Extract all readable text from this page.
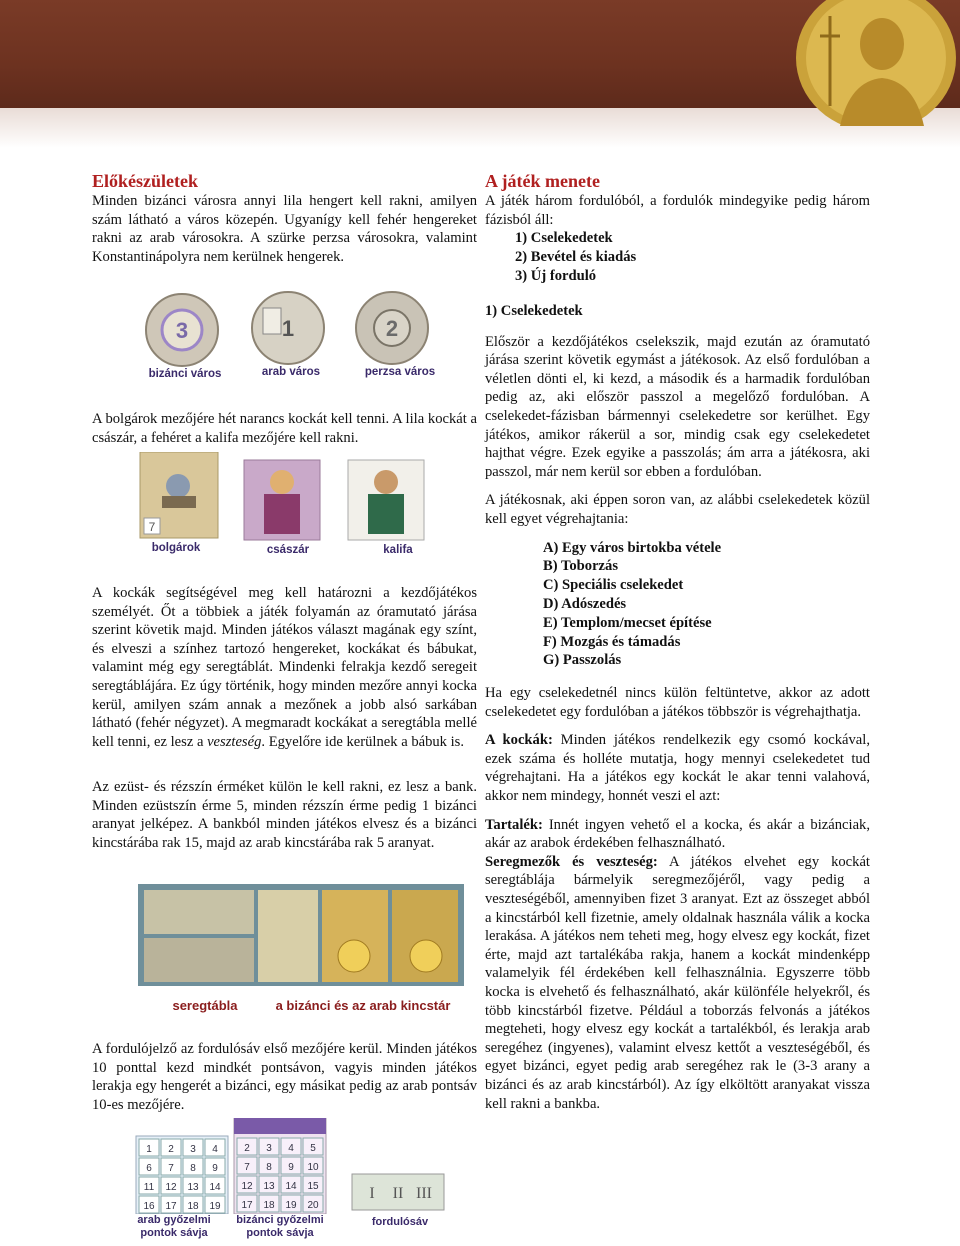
Előkészületek

Minden bizánci városra annyi lila hengert kell rakni, amilyen szám látható a város közepén. Ugyanígy kell fehér hengereket rakni az arab városokra. A szürke perzsa városokra, valamint Konstantinápolyra nem kerülnek hengerek.

3	1	2
bizánci város	arab város	perzsa város

A bolgárok mezőjére hét narancs kockát kell tenni. A lila kockát a császár, a fehéret a kalifa mezőjére kell rakni.

7
bolgárok	császár	kalifa

A kockák segítségével meg kell határozni a kezdőjátékos személyét. Őt a többiek a játék folyamán az óramutató járása szerint követik majd. Minden játékos választ magának egy színt, és elveszi a színhez tartozó hengereket, kockákat és bábukat, valamint még egy seregtáblát. Mindenki felrakja kezdő seregeit seregtáblájára. Ez úgy történik, hogy minden mezőre annyi kocka kerül, amilyen szám annak a mezőnek a jobb alsó sarkában látható (fehér négyzet). A megmaradt kockákat a seregtábla mellé kell tenni, ez lesz a veszteség. Egyelőre ide kerülnek a bábuk is.

Az ezüst- és rézszín érméket külön le kell rakni, ez lesz a bank. Minden ezüstszín érme 5, minden rézszín érme pedig 1 bizánci aranyat jelképez. A bankból minden játékos elvesz és a bizánci kincstárába rak 15, majd az arab kincstárába rak 5 aranyat.

seregtábla	a bizánci és az arab kincstár

A fordulójelző az fordulósáv első mezőjére kerül. Minden játékos 10 ponttal kezd mindkét pontsávon, vagyis minden játékos lerakja egy hengerét a bizánci, egy másikat pedig az arab pontsáv 10-es mezőjére.

1 2 3 4
6 7 8 9
11 12 13 14
16 17 18 19
2 3 4 5
7 8 9 10
12 13 14 15
17 18 19 20
I II III
arab győzelmi pontok sávja
bizánci győzelmi pontok sávja
fordulósáv
A játék menete

A játék három fordulóból, a fordulók mindegyike pedig három fázisból áll:

1) Cselekedetek
2) Bevétel és kiadás
3) Új forduló

1) Cselekedetek

Először a kezdőjátékos cselekszik, majd ezután az óramutató járása szerint követik egymást a játékosok. Az első fordulóban a véletlen dönti el, ki kezd, a második és a harmadik fordulóban pedig az, aki először passzol a megelőző fordulóban. A cselekedet-fázisban bármennyi cselekedetre sor kerülhet. Egy játékos, amikor rákerül a sor, mindig csak egy cselekedetet hajthat végre. Ezek egyike a passzolás; ám arra a játékosra, aki passzol, már nem kerül sor ebben a fordulóban.

A játékosnak, aki éppen soron van, az alábbi cselekedetek közül kell egyet végrehajtania:

A) Egy város birtokba vétele
B) Toborzás
C) Speciális cselekedet
D) Adószedés
E) Templom/mecset építése
F) Mozgás és támadás
G) Passzolás

Ha egy cselekedetnél nincs külön feltüntetve, akkor az adott cselekedetet egy fordulóban a játékos többször is végrehajthatja.

A kockák: Minden játékos rendelkezik egy csomó kockával, ezek száma és holléte mutatja, hogy mennyi cselekedetet tud végrehajtani. Ha a játékos egy kockát le akar tenni valahová, akkor nem mindegy, honnét veszi el azt:

Tartalék: Innét ingyen vehető el a kocka, és akár a bizánciak, akár az arabok érdekében felhasználható.

Seregmezők és veszteség: A játékos elvehet egy kockát seregtáblája bármelyik seregmezőjéről, vagy pedig a veszteségéből, amennyiben fizet 3 aranyat. Ezt az összeget abból a kincstárból kell fizetnie, amely oldalnak használa válik a kocka lerakása. A játékos nem teheti meg, hogy elvesz egy kockát, fizet érte, majd azt tartalékába rakja, hanem a kockát mindenképp valamelyik fél érdekében kell felhasználnia. Egyszerre több kocka is elvehető és felhasználható, akár különféle helyekről, és több kincstárból fizetve. Például a toborzás felvonás a játékos megteheti, hogy elvesz egy kockát a tartalékból, és lerakja arab seregéhez (ingyenes), valamint elvesz kettőt a veszteségéből, és egyet bizánci, egyet pedig arab seregéhez rak le (3-3 arany a bizánci és az arab kincstárból). Az így elköltött aranyakat vissza kell rakni a bankba.
